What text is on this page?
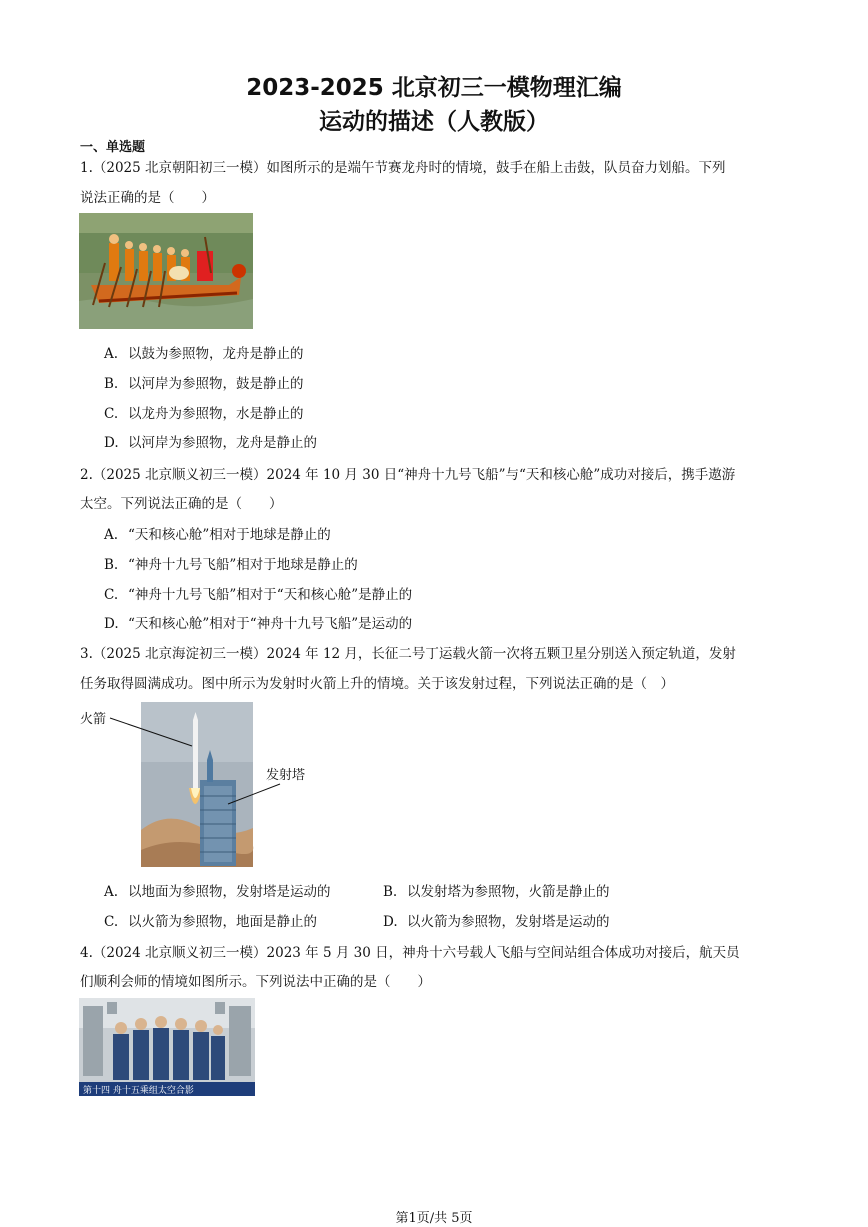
2023-2025 北京初三一模物理汇编
运动的描述（人教版）
一、单选题
1.（2025 北京朝阳初三一模）如图所示的是端午节赛龙舟时的情境，鼓手在船上击鼓，队员奋力划船。下列
说法正确的是（　　）
A. 以鼓为参照物，龙舟是静止的
B. 以河岸为参照物，鼓是静止的
C. 以龙舟为参照物，水是静止的
D. 以河岸为参照物，龙舟是静止的
2.（2025 北京顺义初三一模）2024 年 10 月 30 日“神舟十九号飞船”与“天和核心舱”成功对接后，携手遨游
太空。下列说法正确的是（　　）
A. “天和核心舱”相对于地球是静止的
B. “神舟十九号飞船”相对于地球是静止的
C. “神舟十九号飞船”相对于“天和核心舱”是静止的
D. “天和核心舱”相对于“神舟十九号飞船”是运动的
3.（2025 北京海淀初三一模）2024 年 12 月，长征二号丁运载火箭一次将五颗卫星分别送入预定轨道，发射
任务取得圆满成功。图中所示为发射时火箭上升的情境。关于该发射过程，下列说法正确的是（　）
火箭
发射塔
A. 以地面为参照物，发射塔是运动的	B. 以发射塔为参照物，火箭是静止的
C. 以火箭为参照物，地面是静止的	D. 以火箭为参照物，发射塔是运动的
4.（2024 北京顺义初三一模）2023 年 5 月 30 日，神舟十六号载人飞船与空间站组合体成功对接后，航天员
们顺利会师的情境如图所示。下列说法中正确的是（　　）
第十四 舟十五乘组太空合影
第1页/共 5页
